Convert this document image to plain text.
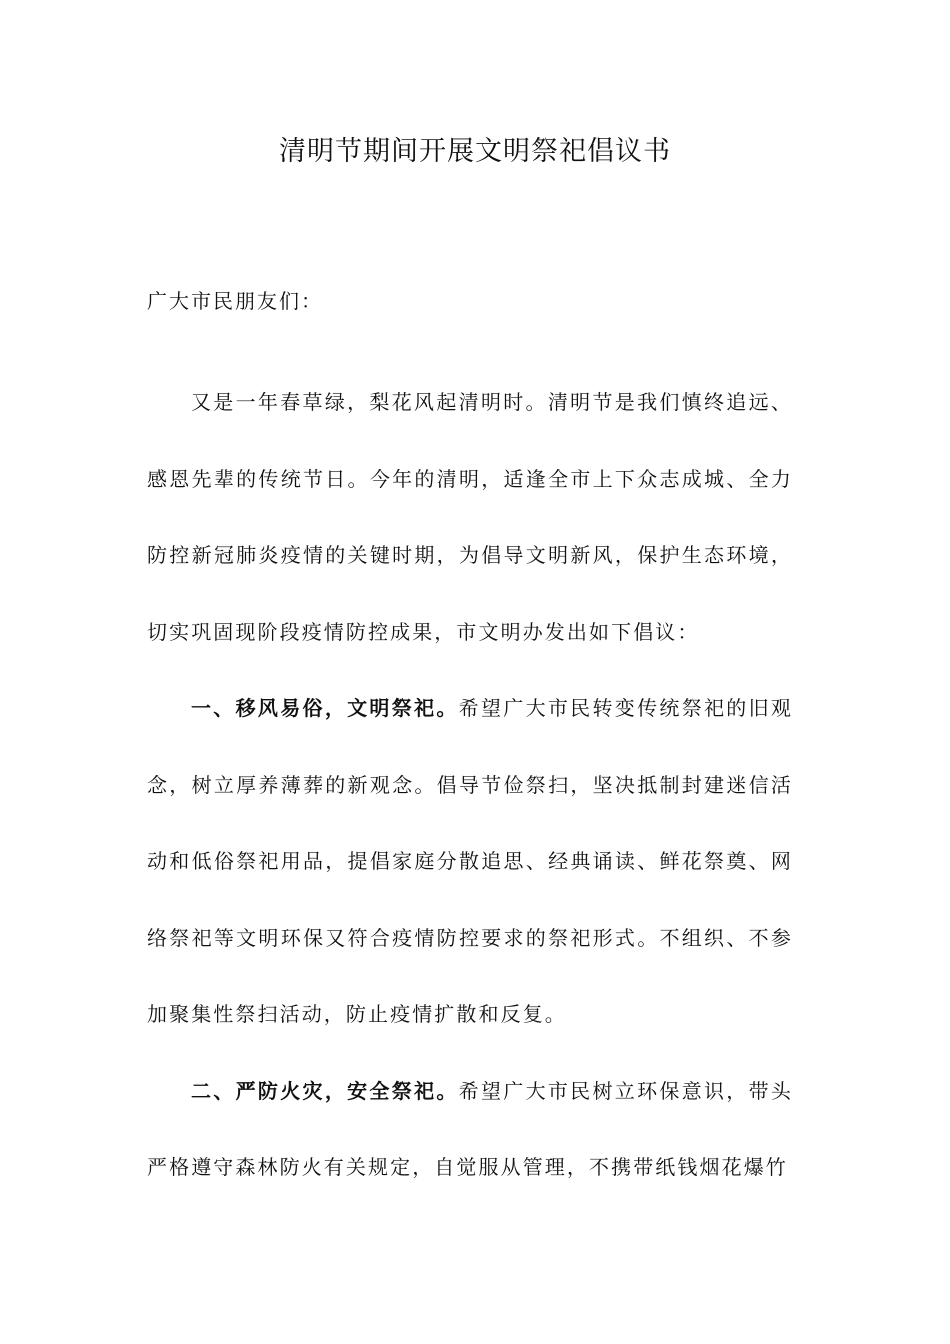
清明节期间开展文明祭祀倡议书

广大市民朋友们：

又是一年春草绿，梨花风起清明时。清明节是我们慎终追远、感恩先辈的传统节日。今年的清明，适逢全市上下众志成城、全力防控新冠肺炎疫情的关键时期，为倡导文明新风，保护生态环境，切实巩固现阶段疫情防控成果，市文明办发出如下倡议：

一、移风易俗，文明祭祀。希望广大市民转变传统祭祀的旧观念，树立厚养薄葬的新观念。倡导节俭祭扫，坚决抵制封建迷信活动和低俗祭祀用品，提倡家庭分散追思、经典诵读、鲜花祭奠、网络祭祀等文明环保又符合疫情防控要求的祭祀形式。不组织、不参加聚集性祭扫活动，防止疫情扩散和反复。

二、严防火灾，安全祭祀。希望广大市民树立环保意识，带头严格遵守森林防火有关规定，自觉服从管理，不携带纸钱烟花爆竹
